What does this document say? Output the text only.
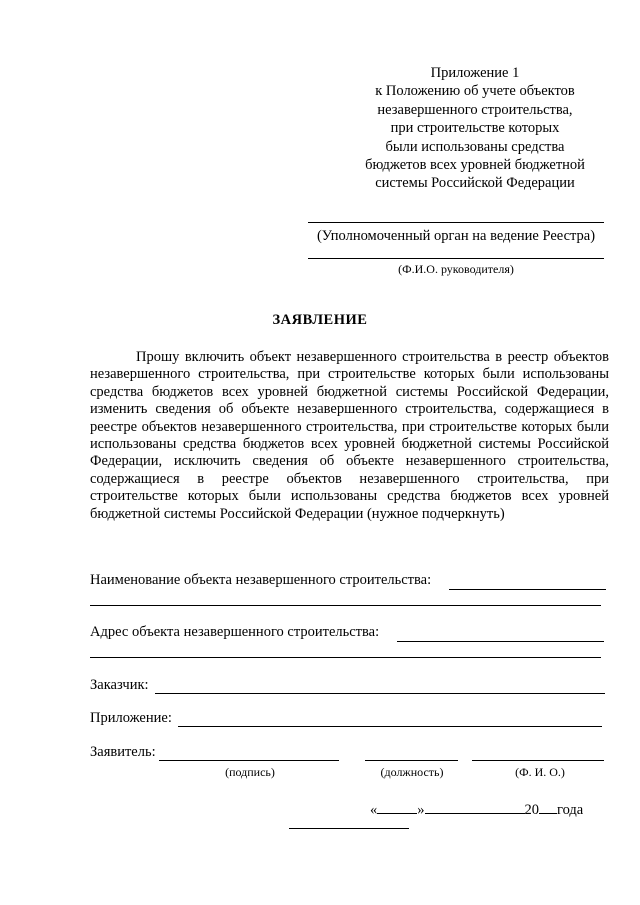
Приложение 1
к Положению об учете объектов
незавершенного строительства,
при строительстве которых
были использованы средства
бюджетов всех уровней бюджетной
системы Российской Федерации
(Уполномоченный орган на ведение Реестра)
(Ф.И.О. руководителя)
ЗАЯВЛЕНИЕ
Прошу включить объект незавершенного строительства в реестр объектов незавершенного строительства, при строительстве которых были использованы средства бюджетов всех уровней бюджетной системы Российской Федерации, изменить сведения об объекте незавершенного строительства, содержащиеся в реестре объектов незавершенного строительства, при строительстве которых были использованы средства бюджетов всех уровней бюджетной системы Российской Федерации, исключить сведения об объекте незавершенного строительства, содержащиеся в реестре объектов незавершенного строительства, при строительстве которых были использованы средства бюджетов всех уровней бюджетной системы Российской Федерации (нужное подчеркнуть)
Наименование объекта незавершенного строительства:
Адрес объекта незавершенного строительства:
Заказчик:
Приложение:
Заявитель:
(подпись)	(должность)	(Ф. И. О.)
«	»	20 года
